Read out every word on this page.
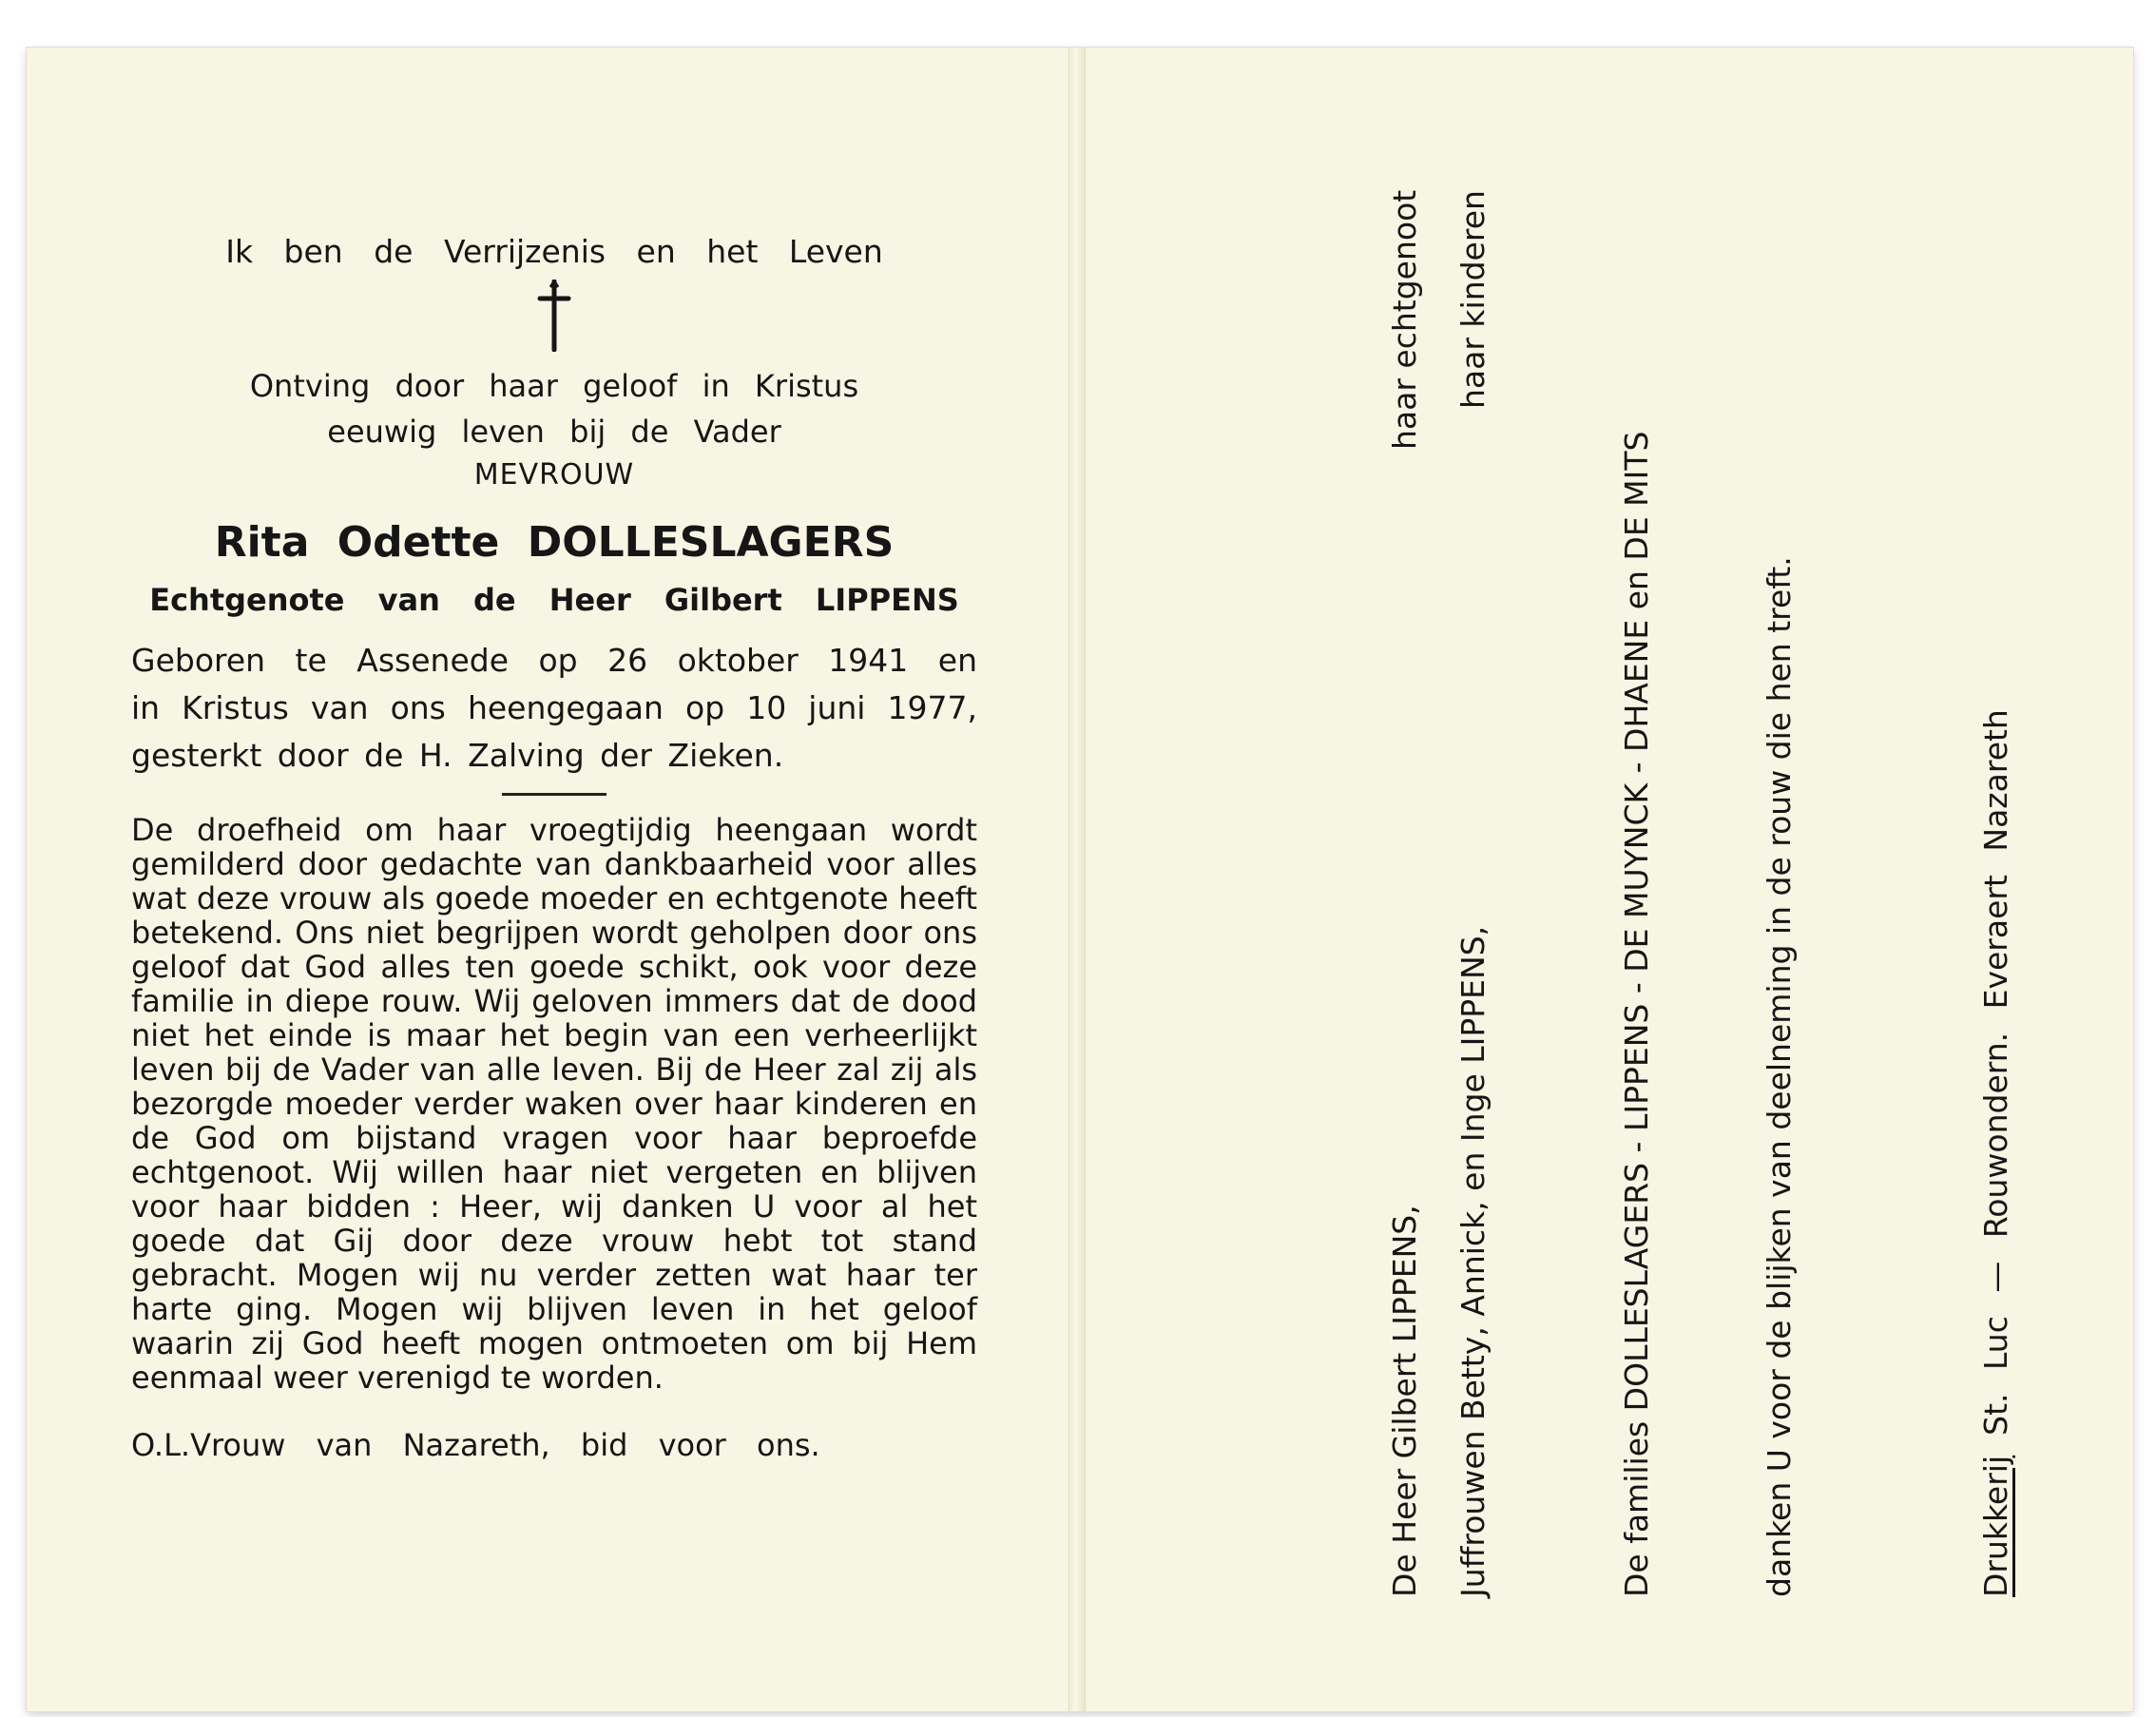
Ik ben de Verrijzenis en het Leven
Ontving door haar geloof in Kristus
eeuwig leven bij de Vader
MEVROUW
Rita Odette DOLLESLAGERS
Echtgenote van de Heer Gilbert LIPPENS
Geboren te Assenede op 26 oktober 1941 en
in Kristus van ons heengegaan op 10 juni 1977,
gesterkt door de H. Zalving der Zieken.
De droefheid om haar vroegtijdig heengaan wordt gemilderd door gedachte van dankbaarheid voor alles wat deze vrouw als goede moeder en echtgenote heeft betekend. Ons niet begrijpen wordt geholpen door ons geloof dat God alles ten goede schikt, ook voor deze familie in diepe rouw. Wij geloven immers dat de dood niet het einde is maar het begin van een verheerlijkt leven bij de Vader van alle leven. Bij de Heer zal zij als bezorgde moeder verder waken over haar kinderen en de God om bijstand vragen voor haar beproefde echtgenoot. Wij willen haar niet vergeten en blijven voor haar bidden : Heer, wij danken U voor al het goede dat Gij door deze vrouw hebt tot stand gebracht. Mogen wij nu verder zetten wat haar ter harte ging. Mogen wij blijven leven in het geloof waarin zij God heeft mogen ontmoeten om bij Hem eenmaal weer verenigd te worden.
O.L.Vrouw van Nazareth, bid voor ons.	De Heer Gilbert LIPPENS,
haar echtgenoot
Juffrouwen Betty, Annick, en Inge LIPPENS,
haar kinderen
De families DOLLESLAGERS - LIPPENS - DE MUYNCK - DHAENE en DE MITS	danken U voor de blijken van deelneming in de rouw die hen treft.	Drukkerij  St. Luc — Rouwondern. Everaert Nazareth
